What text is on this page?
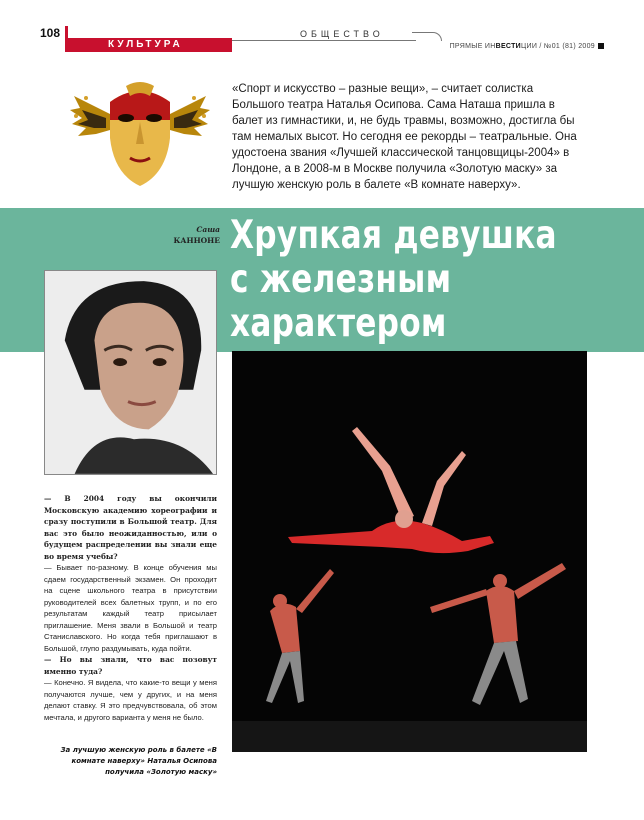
108
КУЛЬТУРА
ОБЩЕСТВО
ПРЯМЫЕ ИНВЕСТИЦИИ / №01 (81) 2009
«Спорт и искусство – разные вещи», – считает солистка Большого театра Наталья Осипова. Сама Наташа пришла в балет из гимнастики, и, не будь травмы, возможно, достигла бы там немалых высот. Но сегодня ее рекорды – театральные. Она удостоена звания «Лучшей классической танцовщицы-2004» в Лондоне, а в 2008-м в Москве получила «Золотую маску» за лучшую женскую роль в балете «В комнате наверху».
Саша
КАННОНЕ Хрупкая девушка
с железным
характером

— В 2004 году вы окончили Московскую академию хореографии и сразу поступили в Большой театр. Для вас это было неожиданностью, или о будущем распределении вы знали еще во время учебы?

— Бывает по-разному. В конце обучения мы сдаем государственный экзамен. Он проходит на сцене школьного театра в присутствии руководителей всех балетных трупп, и по его результатам каждый театр присылает приглашение. Меня звали в Большой и театр Станиславского. Но когда тебя приглашают в Большой, глупо раздумывать, куда пойти.

— Но вы знали, что вас позовут именно туда?

— Конечно. Я видела, что какие-то вещи у меня получаются лучше, чем у других, и на меня делают ставку. Я это предчувствовала, об этом мечтала, и другого варианта у меня не было.

За лучшую женскую роль в балете «В комнате наверху» Наталья Осипова получила «Золотую маску»
